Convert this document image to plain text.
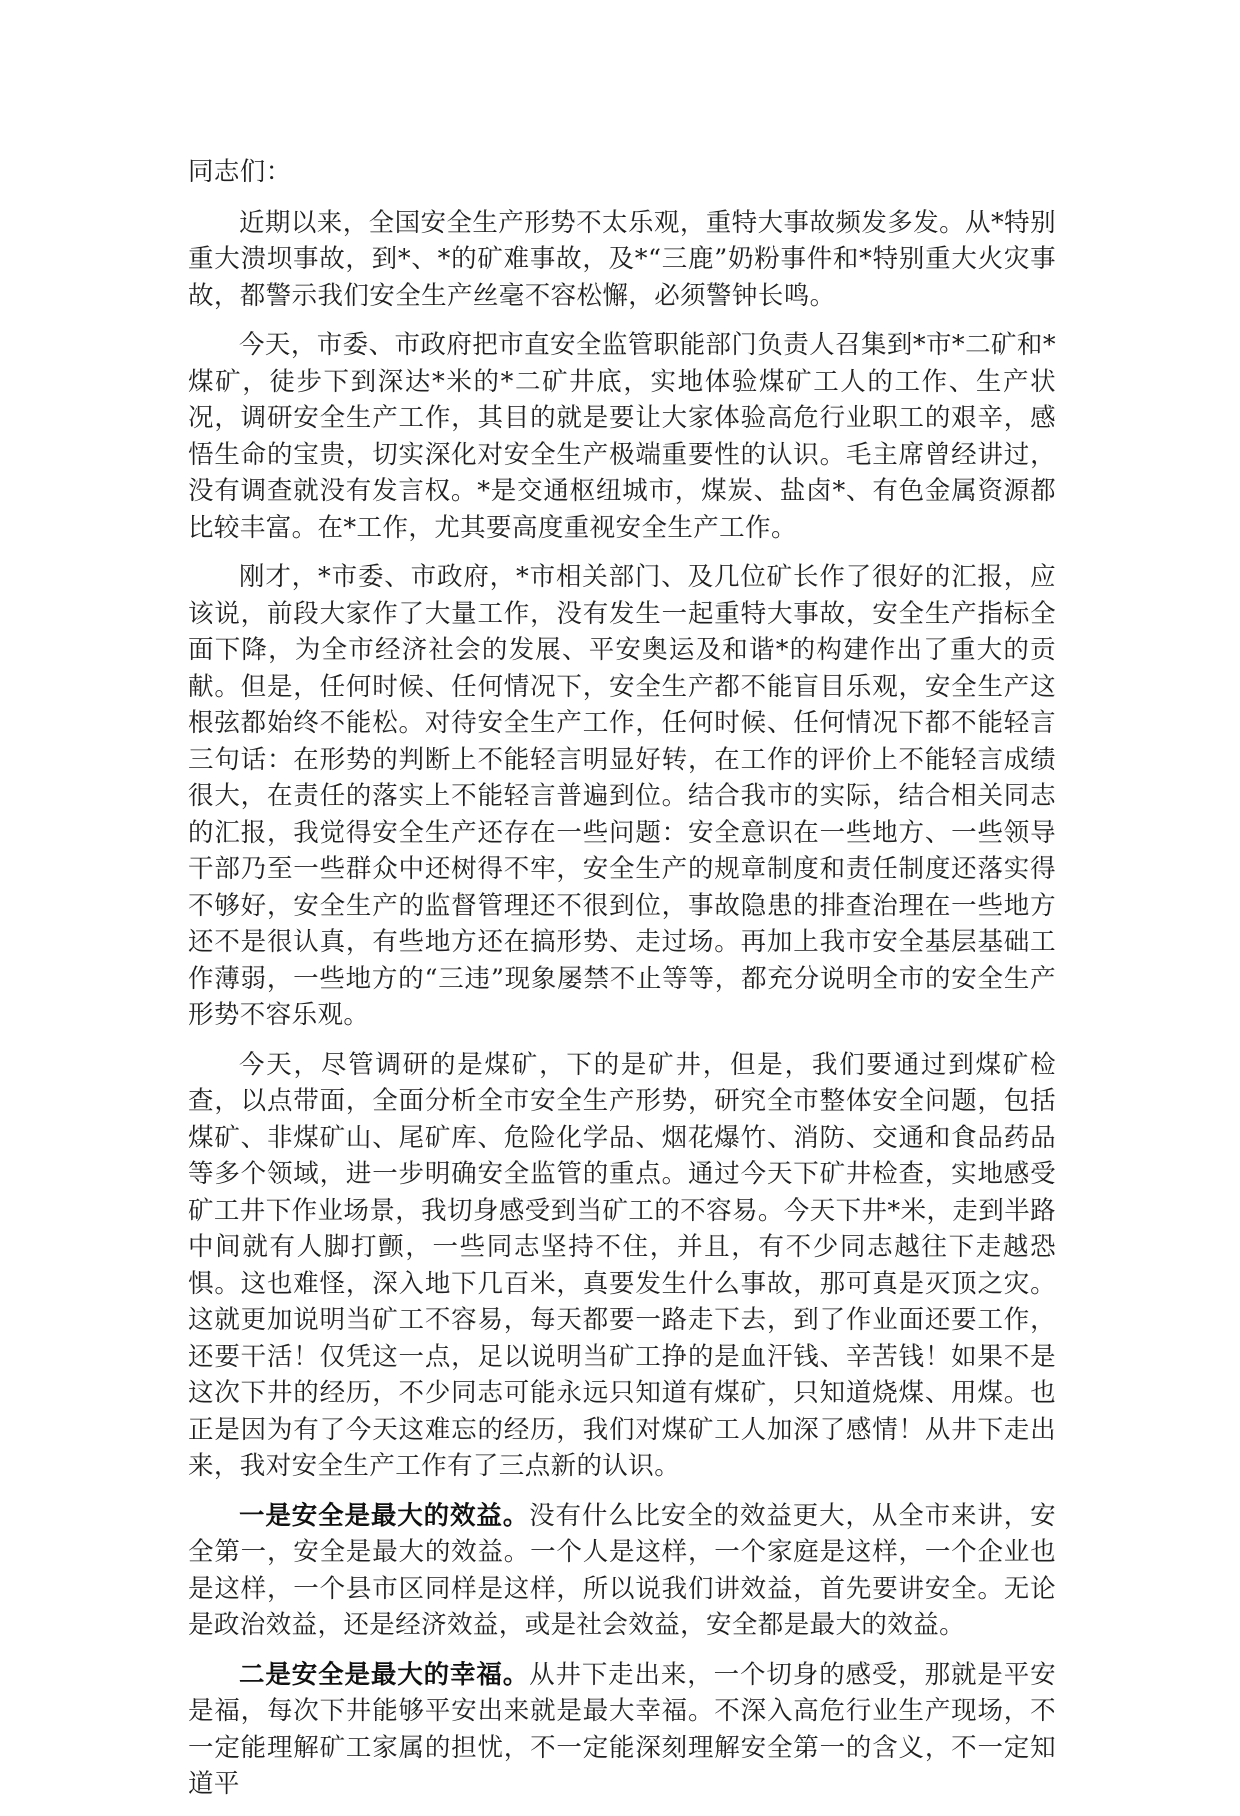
同志们：

近期以来，全国安全生产形势不太乐观，重特大事故频发多发。从*特别重大溃坝事故，到*、*的矿难事故，及*“三鹿”奶粉事件和*特别重大火灾事故，都警示我们安全生产丝毫不容松懈，必须警钟长鸣。

今天，市委、市政府把市直安全监管职能部门负责人召集到*市*二矿和*煤矿，徒步下到深达*米的*二矿井底，实地体验煤矿工人的工作、生产状况，调研安全生产工作，其目的就是要让大家体验高危行业职工的艰辛，感悟生命的宝贵，切实深化对安全生产极端重要性的认识。毛主席曾经讲过，没有调查就没有发言权。*是交通枢纽城市，煤炭、盐卤*、有色金属资源都比较丰富。在*工作，尤其要高度重视安全生产工作。

刚才，*市委、市政府，*市相关部门、及几位矿长作了很好的汇报，应该说，前段大家作了大量工作，没有发生一起重特大事故，安全生产指标全面下降，为全市经济社会的发展、平安奥运及和谐*的构建作出了重大的贡献。但是，任何时候、任何情况下，安全生产都不能盲目乐观，安全生产这根弦都始终不能松。对待安全生产工作，任何时候、任何情况下都不能轻言三句话：在形势的判断上不能轻言明显好转，在工作的评价上不能轻言成绩很大，在责任的落实上不能轻言普遍到位。结合我市的实际，结合相关同志的汇报，我觉得安全生产还存在一些问题：安全意识在一些地方、一些领导干部乃至一些群众中还树得不牢，安全生产的规章制度和责任制度还落实得不够好，安全生产的监督管理还不很到位，事故隐患的排查治理在一些地方还不是很认真，有些地方还在搞形势、走过场。再加上我市安全基层基础工作薄弱，一些地方的“三违”现象屡禁不止等等，都充分说明全市的安全生产形势不容乐观。

今天，尽管调研的是煤矿，下的是矿井，但是，我们要通过到煤矿检查，以点带面，全面分析全市安全生产形势，研究全市整体安全问题，包括煤矿、非煤矿山、尾矿库、危险化学品、烟花爆竹、消防、交通和食品药品等多个领域，进一步明确安全监管的重点。通过今天下矿井检查，实地感受矿工井下作业场景，我切身感受到当矿工的不容易。今天下井*米，走到半路中间就有人脚打颤，一些同志坚持不住，并且，有不少同志越往下走越恐惧。这也难怪，深入地下几百米，真要发生什么事故，那可真是灭顶之灾。这就更加说明当矿工不容易，每天都要一路走下去，到了作业面还要工作，还要干活！仅凭这一点，足以说明当矿工挣的是血汗钱、辛苦钱！如果不是这次下井的经历，不少同志可能永远只知道有煤矿，只知道烧煤、用煤。也正是因为有了今天这难忘的经历，我们对煤矿工人加深了感情！从井下走出来，我对安全生产工作有了三点新的认识。

一是安全是最大的效益。没有什么比安全的效益更大，从全市来讲，安全第一，安全是最大的效益。一个人是这样，一个家庭是这样，一个企业也是这样，一个县市区同样是这样，所以说我们讲效益，首先要讲安全。无论是政治效益，还是经济效益，或是社会效益，安全都是最大的效益。

二是安全是最大的幸福。从井下走出来，一个切身的感受，那就是平安是福，每次下井能够平安出来就是最大幸福。不深入高危行业生产现场，不一定能理解矿工家属的担忧，不一定能深刻理解安全第一的含义，不一定知道平
